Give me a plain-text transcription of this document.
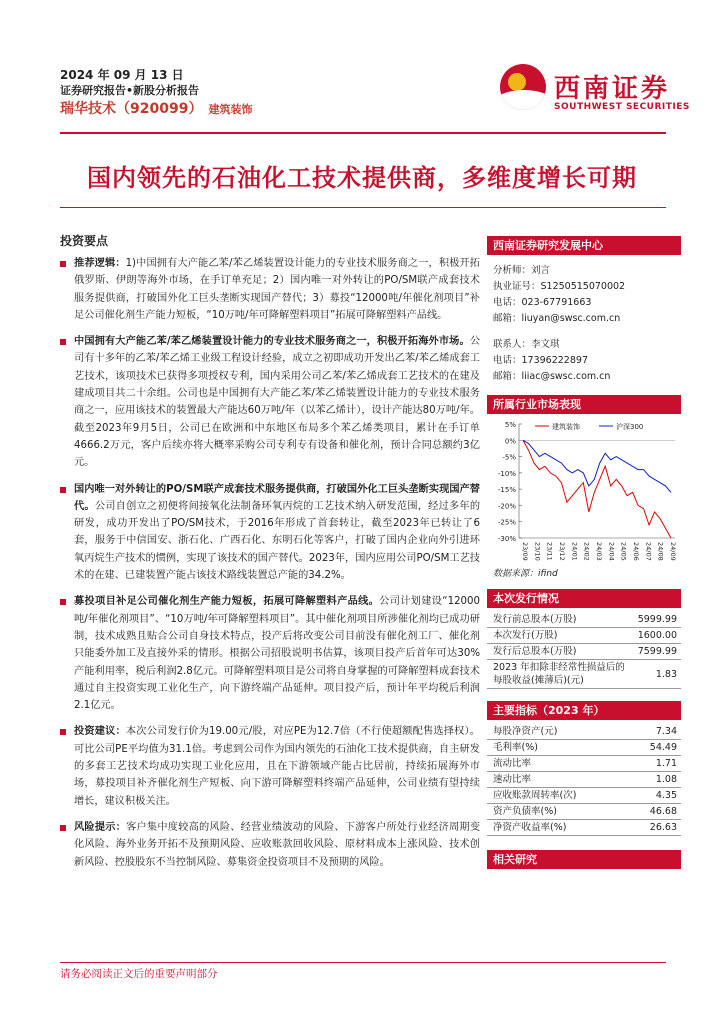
2024 年 09 月 13 日
证券研究报告•新股分析报告
瑞华技术（920099） 建筑装饰
西南证券
SOUTHWEST SECURITIES
国内领先的石油化工技术提供商，多维度增长可期
投资要点
推荐逻辑：1)中国拥有大产能乙苯/苯乙烯装置设计能力的专业技术服务商之一，积极开拓俄罗斯、伊朗等海外市场，在手订单充足；2）国内唯一对外转让的PO/SM联产成套技术服务提供商，打破国外化工巨头垄断实现国产替代；3）募投“12000吨/年催化剂项目”补足公司催化剂生产能力短板，“10万吨/年可降解塑料项目”拓展可降解塑料产品线。
中国拥有大产能乙苯/苯乙烯装置设计能力的专业技术服务商之一，积极开拓海外市场。公司有十多年的乙苯/苯乙烯工业级工程设计经验，成立之初即成功开发出乙苯/苯乙烯成套工艺技术，该项技术已获得多项授权专利，国内采用公司乙苯/苯乙烯成套工艺技术的在建及建成项目共二十余组。公司也是中国拥有大产能乙苯/苯乙烯装置设计能力的专业技术服务商之一，应用该技术的装置最大产能达60万吨/年（以苯乙烯计），设计产能达80万吨/年。截至2023年9月5日，公司已在欧洲和中东地区布局多个苯乙烯类项目，累计在手订单4666.2万元，客户后续亦将大概率采购公司专利专有设备和催化剂，预计合同总额约3亿元。
国内唯一对外转让的PO/SM联产成套技术服务提供商，打破国外化工巨头垄断实现国产替代。公司自创立之初便将间接氧化法制备环氧丙烷的工艺技术纳入研发范围，经过多年的研发，成功开发出了PO/SM技术，于2016年形成了首套转让，截至2023年已转让了6套，服务于中信国安、浙石化、广西石化、东明石化等客户，打破了国内企业向外引进环氧丙烷生产技术的惯例，实现了该技术的国产替代。2023年，国内应用公司PO/SM工艺技术的在建、已建装置产能占该技术路线装置总产能的34.2%。
募投项目补足公司催化剂生产能力短板，拓展可降解塑料产品线。公司计划建设“12000吨/年催化剂项目”、“10万吨/年可降解塑料项目”。其中催化剂项目所涉催化剂均已成功研制，技术成熟且贴合公司自身技术特点，投产后将改变公司目前没有催化剂工厂、催化剂只能委外加工及直接外采的情形。根据公司招股说明书估算，该项目投产后首年可达30%产能利用率，税后利润2.8亿元。可降解塑料项目是公司将自身掌握的可降解塑料成套技术通过自主投资实现工业化生产，向下游终端产品延伸。项目投产后，预计年平均税后利润2.1亿元。
投资建议：本次公司发行价为19.00元/股，对应PE为12.7倍（不行使超额配售选择权）。可比公司PE平均值为31.1倍。考虑到公司作为国内领先的石油化工技术提供商，自主研发的多套工艺技术均成功实现工业化应用，且在下游领域产能占比居前，持续拓展海外市场，募投项目补齐催化剂生产短板、向下游可降解塑料终端产品延伸，公司业绩有望持续增长，建议积极关注。
风险提示：客户集中度较高的风险、经营业绩波动的风险、下游客户所处行业经济周期变化风险、海外业务开拓不及预期风险、应收账款回收风险、原材料成本上涨风险、技术创新风险、控股股东不当控制风险、募集资金投资项目不及预期的风险。
西南证券研究发展中心
分析师：刘言
执业证号：S1250515070002
电话：023-67791663
邮箱：liuyan@swsc.com.cn
联系人：李文琪
电话：17396222897
邮箱：liiac@swsc.com.cn
所属行业市场表现
5%
0%
-5%
-10%
-15%
-20%
-25%
-30%
23/09 23/10 23/11 23/12 24/01 24/02 24/03 24/04 24/05 24/06 24/07 24/08 24/09
建筑装饰	沪深300
数据来源：ifind
本次发行情况
发行前总股本(万股)	5999.99
本次发行(万股)	1600.00
发行后总股本(万股)	7599.99
2023 年扣除非经常性损益后的每股收益(摊薄后)(元)	1.83
主要指标（2023 年）
每股净资产(元)	7.34
毛利率(%)	54.49
流动比率	1.71
速动比率	1.08
应收账款周转率(次)	4.35
资产负债率(%)	46.68
净资产收益率(%)	26.63
相关研究
请务必阅读正文后的重要声明部分
